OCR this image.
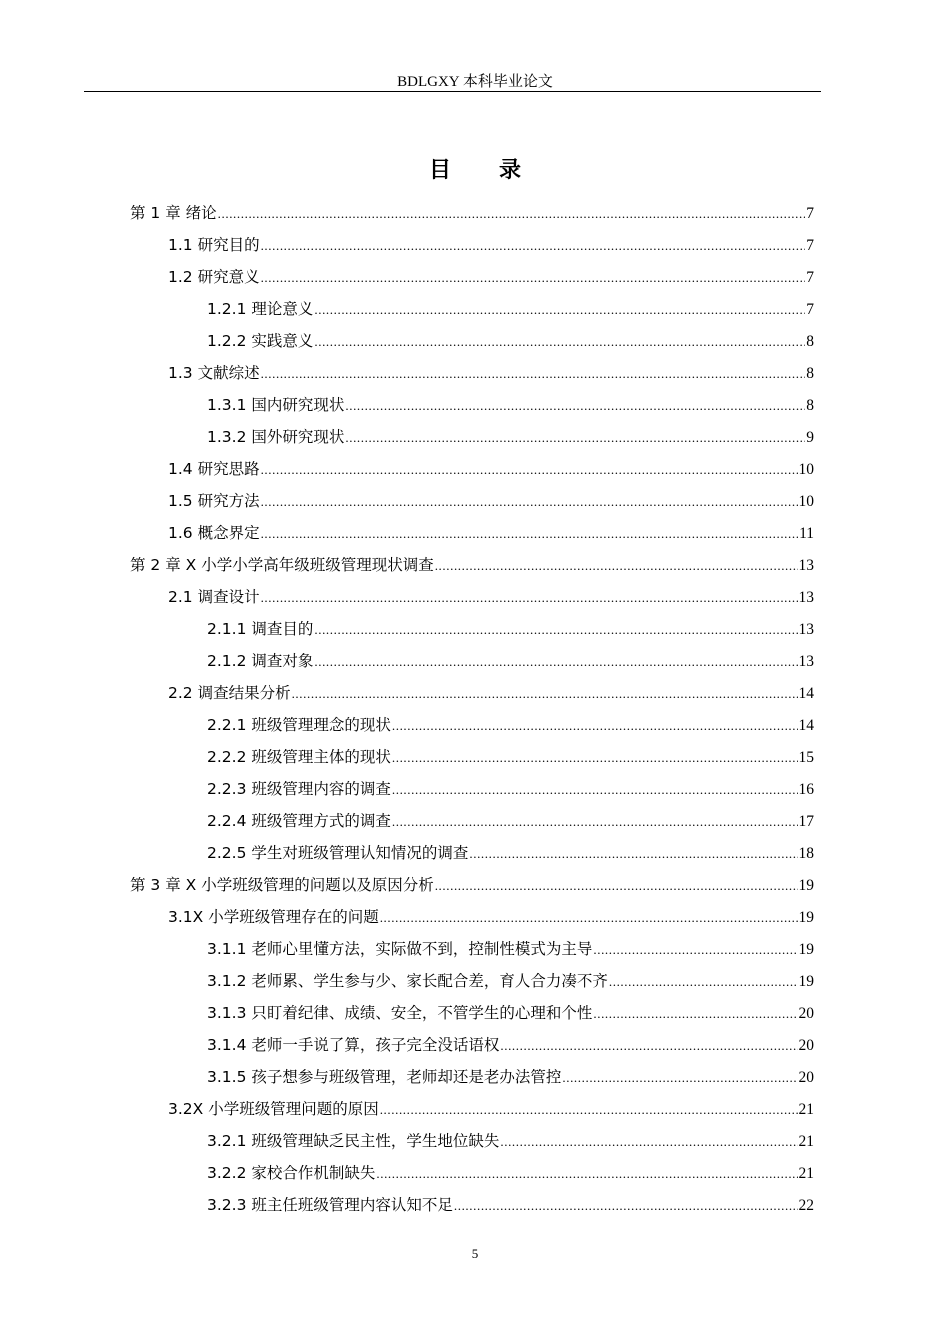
BDLGXY 本科毕业论文
目 录
第 1 章 绪论 .....	7
1.1 研究目的 .....	7
1.2 研究意义 .....	7
1.2.1 理论意义 .....	7
1.2.2 实践意义 .....	8
1.3 文献综述 .....	8
1.3.1 国内研究现状 .....	8
1.3.2 国外研究现状 .....	9
1.4 研究思路 .....	10
1.5 研究方法 .....	10
1.6 概念界定 .....	11
第 2 章 X 小学小学高年级班级管理现状调查 .....	13
2.1 调查设计 .....	13
2.1.1 调查目的 .....	13
2.1.2 调查对象 .....	13
2.2 调查结果分析 .....	14
2.2.1 班级管理理念的现状 .....	14
2.2.2 班级管理主体的现状 .....	15
2.2.3 班级管理内容的调查 .....	16
2.2.4 班级管理方式的调查 .....	17
2.2.5 学生对班级管理认知情况的调查 .....	18
第 3 章 X 小学班级管理的问题以及原因分析 .....	19
3.1X 小学班级管理存在的问题 .....	19
3.1.1 老师心里懂方法，实际做不到，控制性模式为主导 .....	19
3.1.2 老师累、学生参与少、家长配合差，育人合力凑不齐 .....	19
3.1.3 只盯着纪律、成绩、安全，不管学生的心理和个性 .....	20
3.1.4 老师一手说了算，孩子完全没话语权 .....	20
3.1.5 孩子想参与班级管理，老师却还是老办法管控 .....	20
3.2X 小学班级管理问题的原因 .....	21
3.2.1 班级管理缺乏民主性，学生地位缺失 .....	21
3.2.2 家校合作机制缺失 .....	21
3.2.3 班主任班级管理内容认知不足 .....	22
5
